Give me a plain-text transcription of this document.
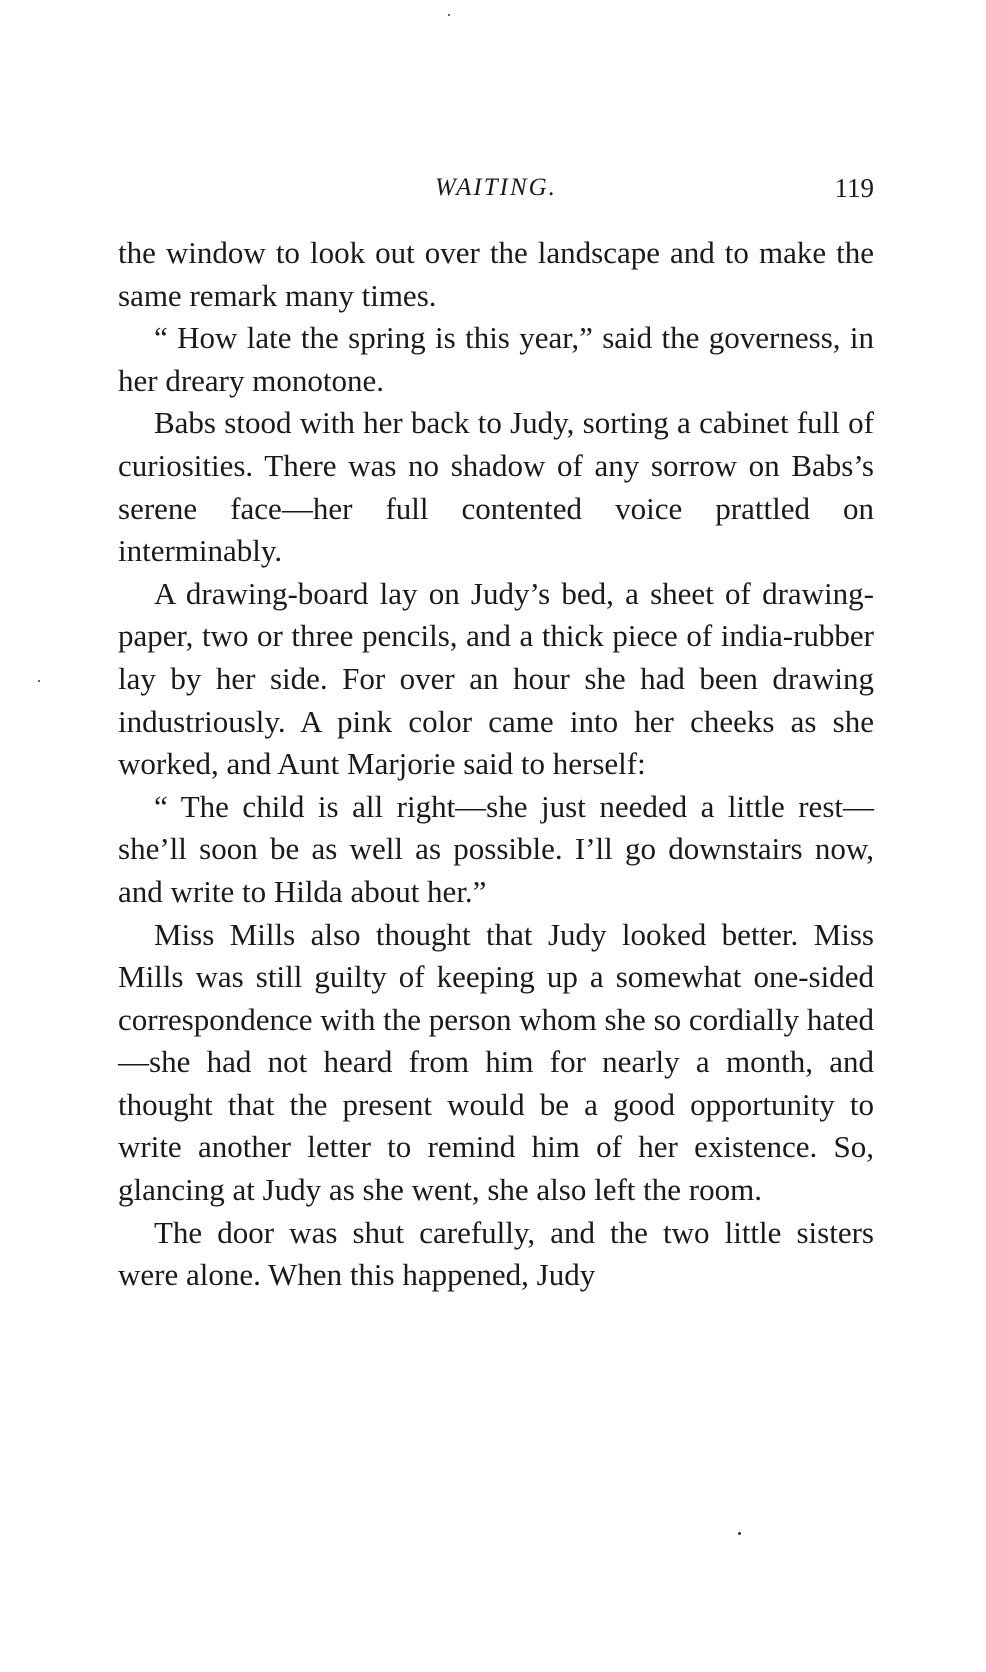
WAITING.	119

the window to look out over the landscape and to make the same remark many times.

“ How late the spring is this year,” said the governess, in her dreary monotone.

Babs stood with her back to Judy, sorting a cabinet full of curiosities. There was no shadow of any sorrow on Babs’s serene face—her full contented voice prattled on interminably.

A drawing-board lay on Judy’s bed, a sheet of drawing-paper, two or three pencils, and a thick piece of india-rubber lay by her side. For over an hour she had been drawing industriously. A pink color came into her cheeks as she worked, and Aunt Marjorie said to herself:

“ The child is all right—she just needed a little rest—she’ll soon be as well as possible. I’ll go downstairs now, and write to Hilda about her.”

Miss Mills also thought that Judy looked better. Miss Mills was still guilty of keeping up a somewhat one-sided correspondence with the person whom she so cordially hated—she had not heard from him for nearly a month, and thought that the present would be a good opportunity to write another letter to remind him of her existence. So, glancing at Judy as she went, she also left the room.

The door was shut carefully, and the two little sisters were alone. When this happened, Judy
